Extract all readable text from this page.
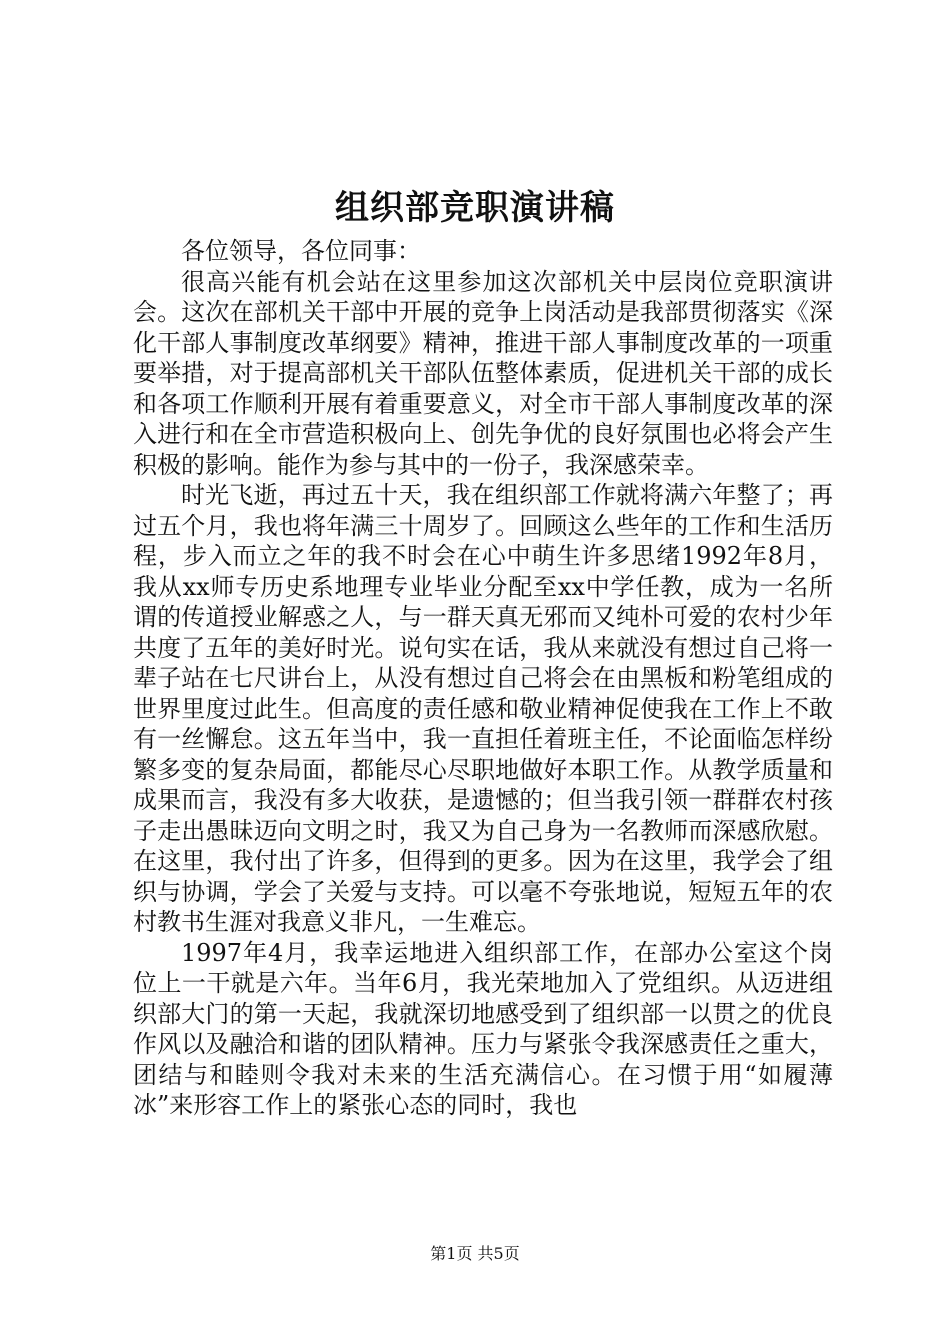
组织部竞职演讲稿

各位领导，各位同事：

很高兴能有机会站在这里参加这次部机关中层岗位竞职演讲会。这次在部机关干部中开展的竞争上岗活动是我部贯彻落实《深化干部人事制度改革纲要》精神，推进干部人事制度改革的一项重要举措，对于提高部机关干部队伍整体素质，促进机关干部的成长和各项工作顺利开展有着重要意义，对全市干部人事制度改革的深入进行和在全市营造积极向上、创先争优的良好氛围也必将会产生积极的影响。能作为参与其中的一份子，我深感荣幸。

时光飞逝，再过五十天，我在组织部工作就将满六年整了；再过五个月，我也将年满三十周岁了。回顾这么些年的工作和生活历程，步入而立之年的我不时会在心中萌生许多思绪1992年8月，我从xx师专历史系地理专业毕业分配至xx中学任教，成为一名所谓的传道授业解惑之人，与一群天真无邪而又纯朴可爱的农村少年共度了五年的美好时光。说句实在话，我从来就没有想过自己将一辈子站在七尺讲台上，从没有想过自己将会在由黑板和粉笔组成的世界里度过此生。但高度的责任感和敬业精神促使我在工作上不敢有一丝懈怠。这五年当中，我一直担任着班主任，不论面临怎样纷繁多变的复杂局面，都能尽心尽职地做好本职工作。从教学质量和成果而言，我没有多大收获，是遗憾的；但当我引领一群群农村孩子走出愚昧迈向文明之时，我又为自己身为一名教师而深感欣慰。在这里，我付出了许多，但得到的更多。因为在这里，我学会了组织与协调，学会了关爱与支持。可以毫不夸张地说，短短五年的农村教书生涯对我意义非凡，一生难忘。

1997年4月，我幸运地进入组织部工作，在部办公室这个岗位上一干就是六年。当年6月，我光荣地加入了党组织。从迈进组织部大门的第一天起，我就深切地感受到了组织部一以贯之的优良作风以及融洽和谐的团队精神。压力与紧张令我深感责任之重大，团结与和睦则令我对未来的生活充满信心。在习惯于用“如履薄冰”来形容工作上的紧张心态的同时，我也

第1页 共5页
